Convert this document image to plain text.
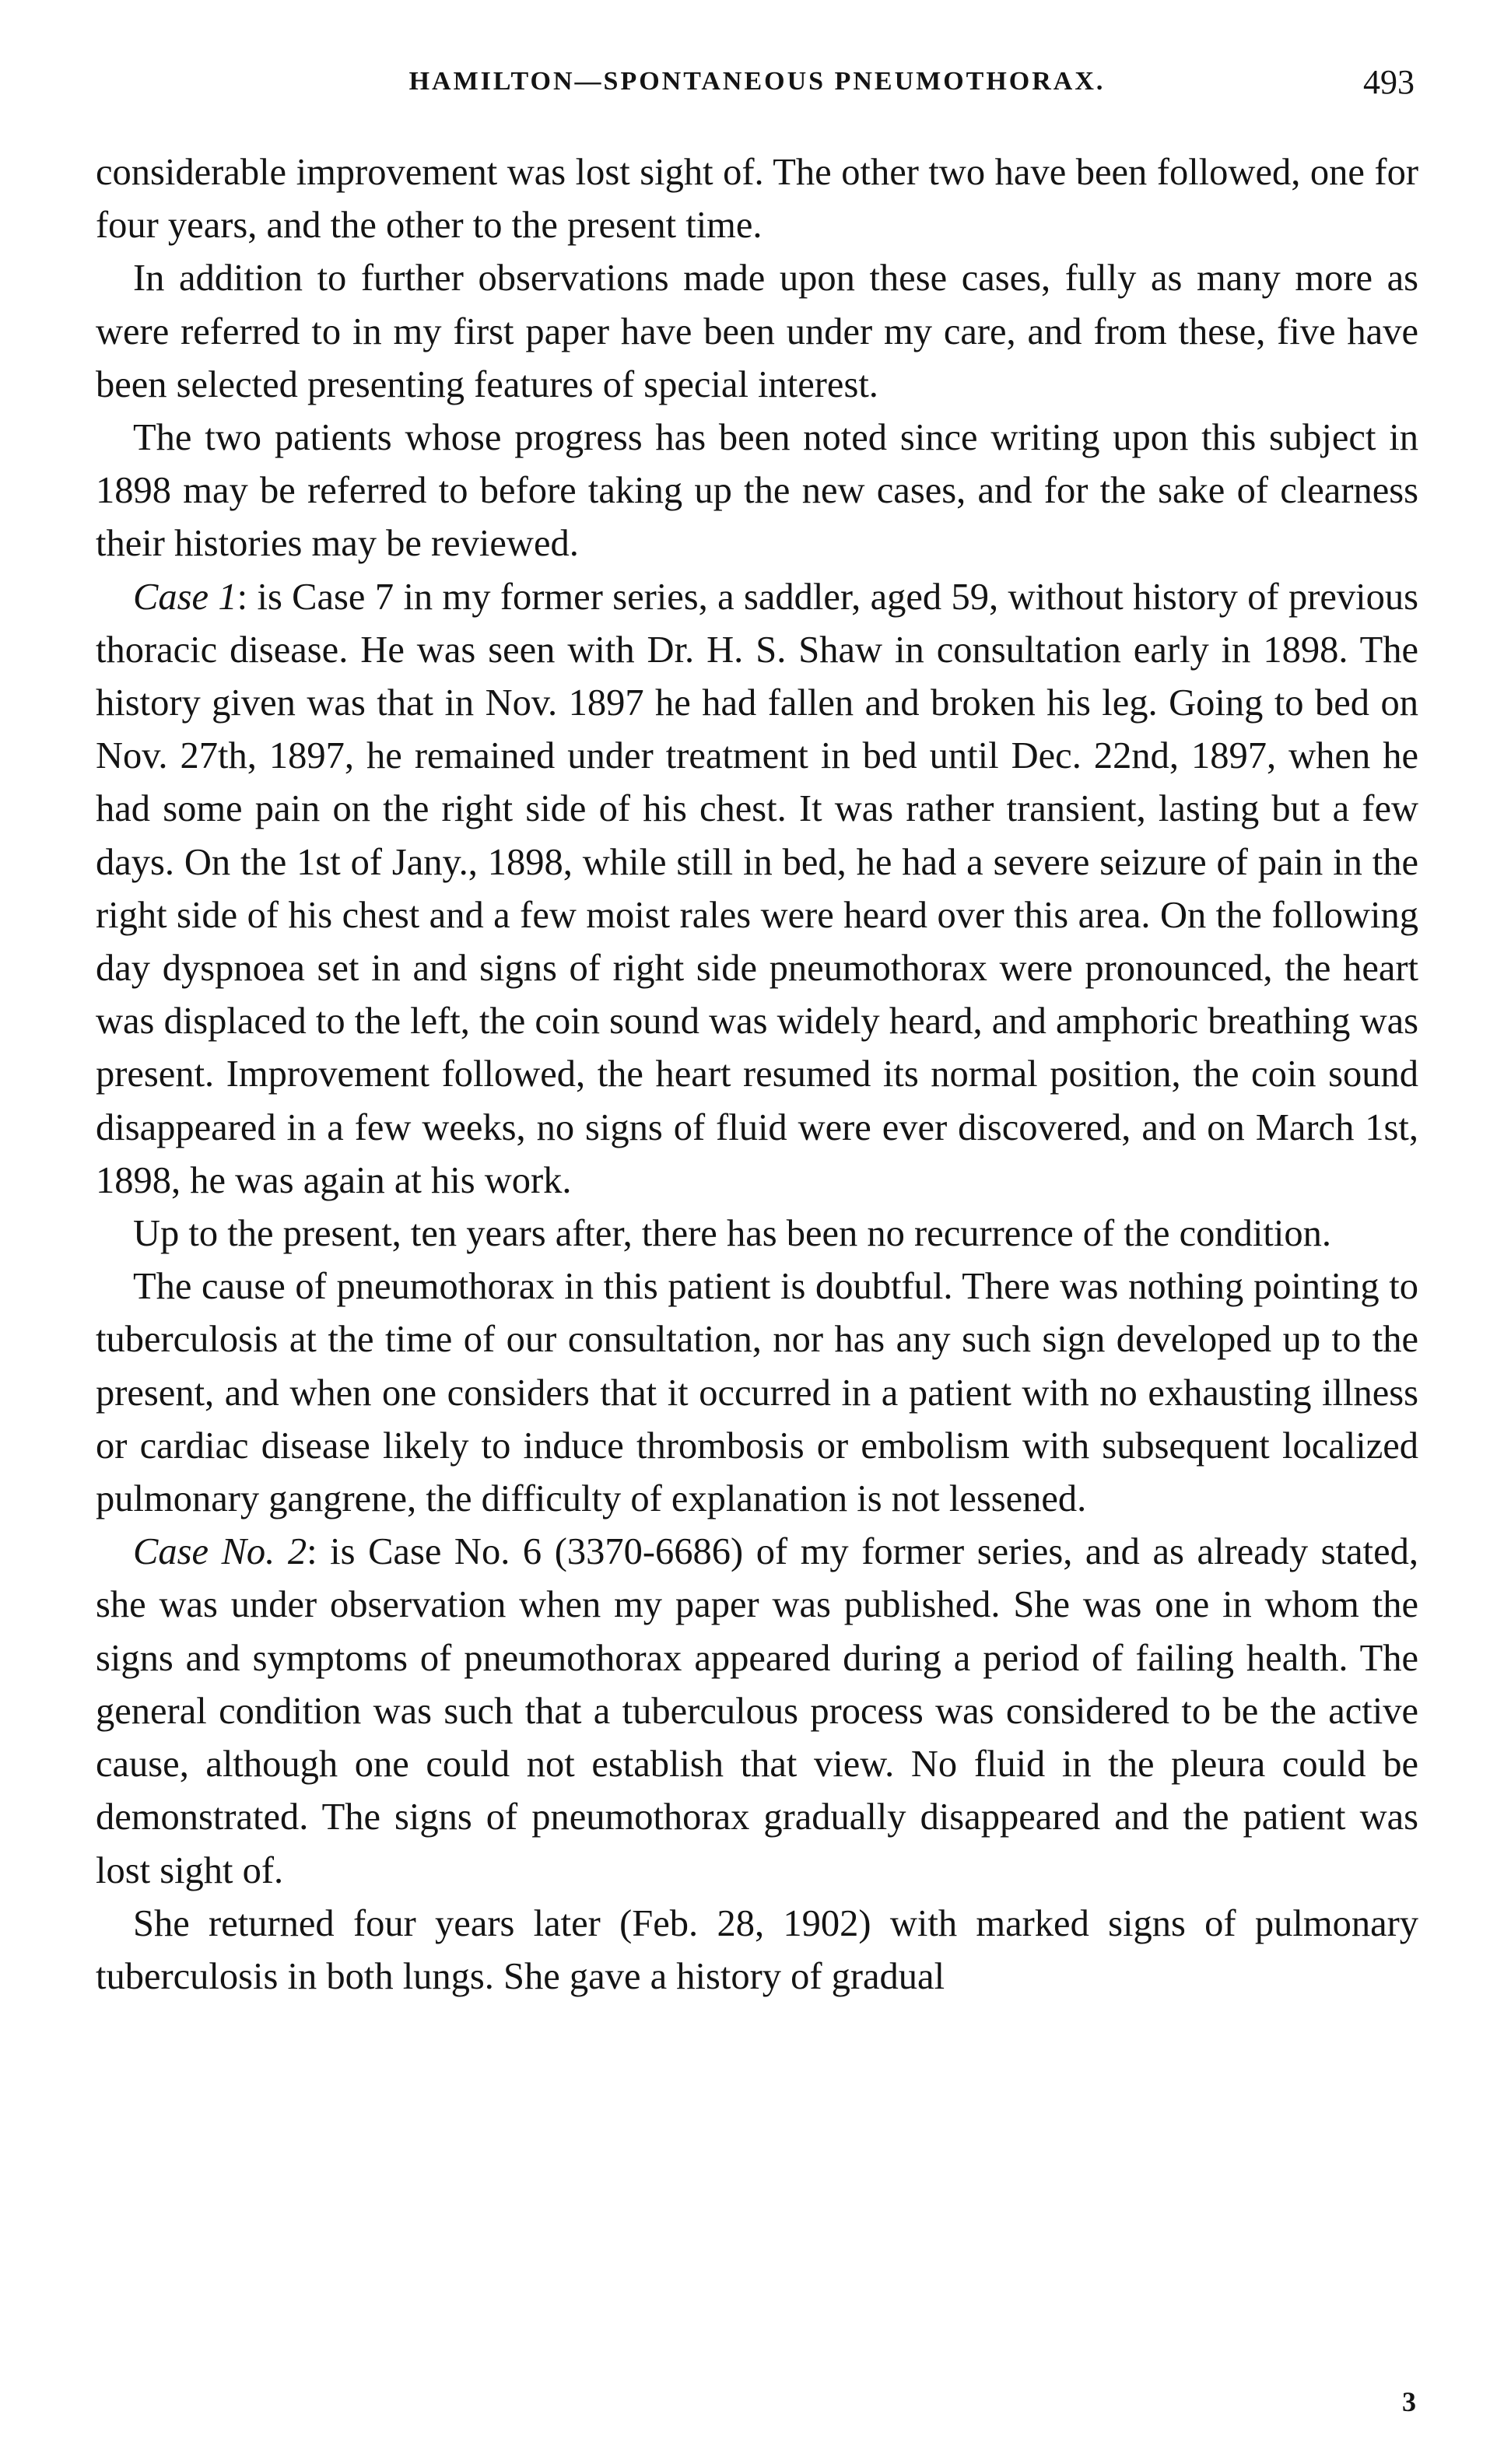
HAMILTON—SPONTANEOUS PNEUMOTHORAX.	493

considerable improvement was lost sight of. The other two have been followed, one for four years, and the other to the present time.

In addition to further observations made upon these cases, fully as many more as were referred to in my first paper have been under my care, and from these, five have been selected presenting features of special interest.

The two patients whose progress has been noted since writing upon this subject in 1898 may be referred to before taking up the new cases, and for the sake of clearness their histories may be reviewed.

Case 1: is Case 7 in my former series, a saddler, aged 59, without history of previous thoracic disease. He was seen with Dr. H. S. Shaw in consultation early in 1898. The history given was that in Nov. 1897 he had fallen and broken his leg. Going to bed on Nov. 27th, 1897, he remained under treatment in bed until Dec. 22nd, 1897, when he had some pain on the right side of his chest. It was rather transient, lasting but a few days. On the 1st of Jany., 1898, while still in bed, he had a severe seizure of pain in the right side of his chest and a few moist rales were heard over this area. On the following day dyspnoea set in and signs of right side pneumothorax were pronounced, the heart was displaced to the left, the coin sound was widely heard, and amphoric breathing was present. Improvement followed, the heart resumed its normal position, the coin sound disappeared in a few weeks, no signs of fluid were ever discovered, and on March 1st, 1898, he was again at his work.

Up to the present, ten years after, there has been no recurrence of the condition.

The cause of pneumothorax in this patient is doubtful. There was nothing pointing to tuberculosis at the time of our consultation, nor has any such sign developed up to the present, and when one considers that it occurred in a patient with no exhausting illness or cardiac disease likely to induce thrombosis or embolism with subsequent localized pulmonary gangrene, the difficulty of explanation is not lessened.

Case No. 2: is Case No. 6 (3370-6686) of my former series, and as already stated, she was under observation when my paper was published. She was one in whom the signs and symptoms of pneumothorax appeared during a period of failing health. The general condition was such that a tuberculous process was considered to be the active cause, although one could not establish that view. No fluid in the pleura could be demonstrated. The signs of pneumothorax gradually disappeared and the patient was lost sight of.

She returned four years later (Feb. 28, 1902) with marked signs of pulmonary tuberculosis in both lungs. She gave a history of gradual

3
